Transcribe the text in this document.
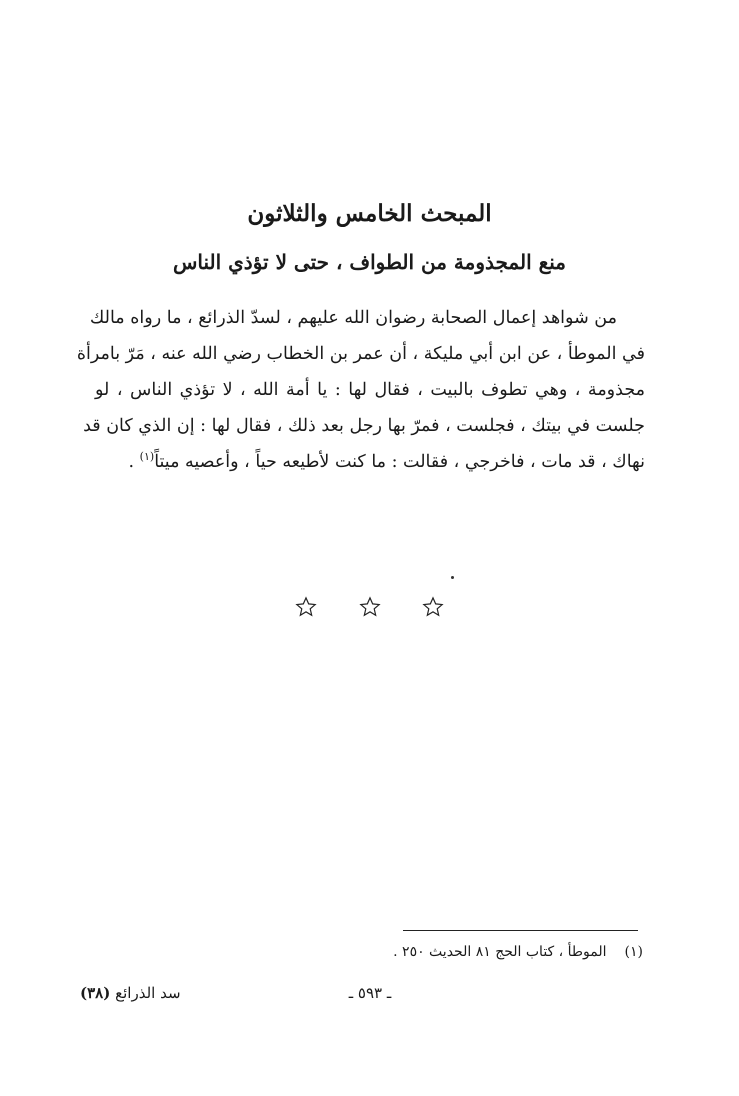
المبحث الخامس والثلاثون
منع المجذومة من الطواف ، حتى لا تؤذي الناس
من شواهد إعمال الصحابة رضوان الله عليهم ، لسدّ الذرائع ، ما رواه مالك
في الموطأ ، عن ابن أبي مليكة ، أن عمر بن الخطاب رضي الله عنه ، مَرّ بامرأة
مجذومة ، وهي تطوف بالبيت ، فقال لها : يا أمة الله ، لا تؤذي الناس ، لو
جلست في بيتك ، فجلست ، فمرّ بها رجل بعد ذلك ، فقال لها : إن الذي كان قد
نهاك ، قد مات ، فاخرجي ، فقالت : ما كنت لأطيعه حياً ، وأعصيه ميتاً$^{(١)}$ .

(١)الموطأ ، كتاب الحج ٨١ الحديث ٢٥٠ .
ـ ٥٩٣ ـ
سد الذرائع (٣٨)
